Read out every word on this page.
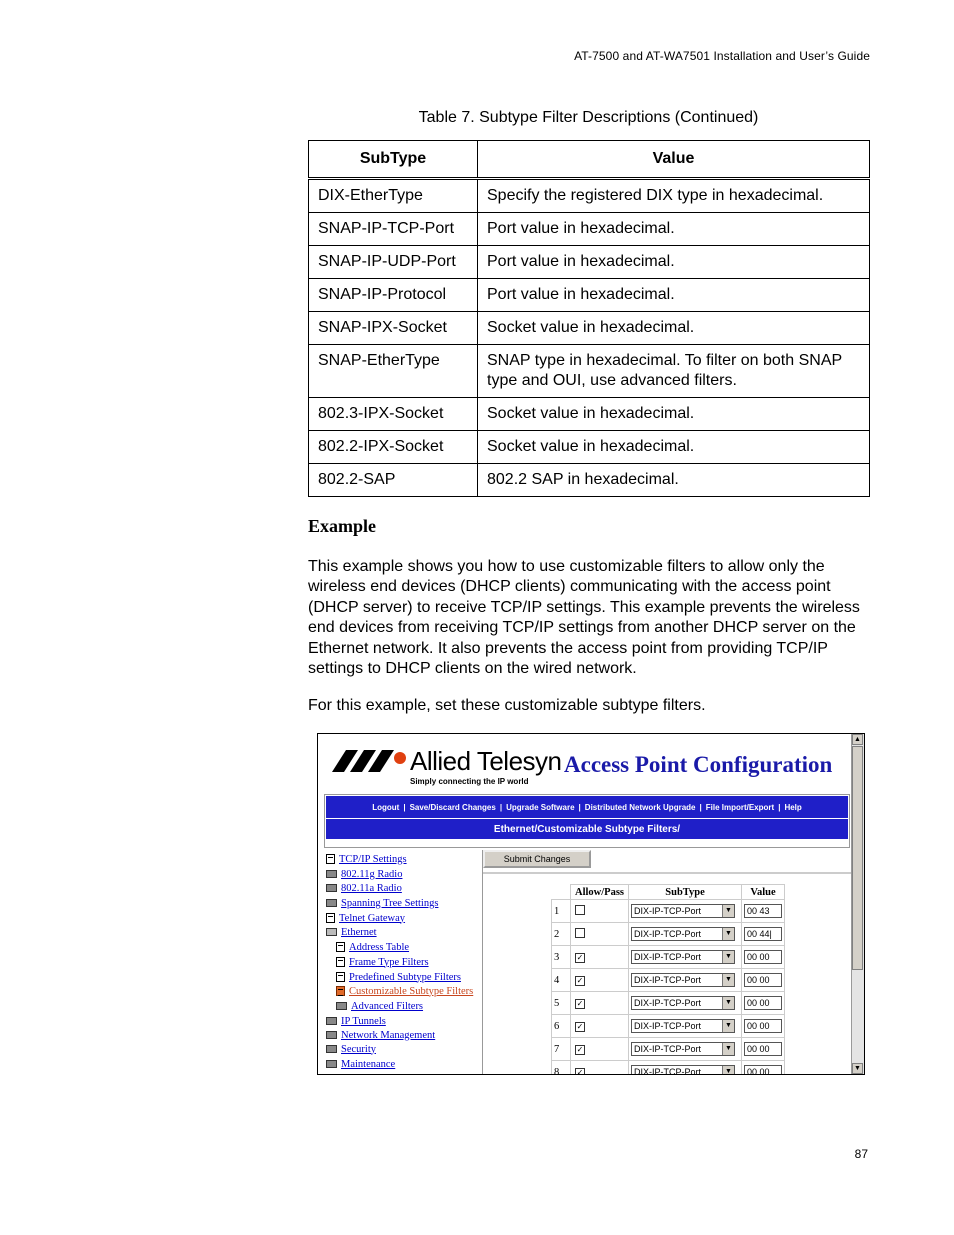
AT-7500 and AT-WA7501 Installation and User’s Guide
Table 7. Subtype Filter Descriptions (Continued)
SubType	Value
DIX-EtherType	Specify the registered DIX type in hexadecimal.
SNAP-IP-TCP-Port	Port value in hexadecimal.
SNAP-IP-UDP-Port	Port value in hexadecimal.
SNAP-IP-Protocol	Port value in hexadecimal.
SNAP-IPX-Socket	Socket value in hexadecimal.
SNAP-EtherType	SNAP type in hexadecimal. To filter on both SNAP type and OUI, use advanced filters.
802.3-IPX-Socket	Socket value in hexadecimal.
802.2-IPX-Socket	Socket value in hexadecimal.
802.2-SAP	802.2 SAP in hexadecimal.
Example

This example shows you how to use customizable filters to allow only the wireless end devices (DHCP clients) communicating with the access point (DHCP server) to receive TCP/IP settings. This example prevents the wireless end devices from receiving TCP/IP settings from another DHCP server on the Ethernet network. It also prevents the access point from providing TCP/IP settings to DHCP clients on the wired network.

For this example, set these customizable subtype filters.

Allied Telesyn
Simply connecting the IP world
Access Point Configuration
Logout | Save/Discard Changes | Upgrade Software | Distributed Network Upgrade | File Import/Export | Help
Ethernet/Customizable Subtype Filters/
TCP/IP Settings
802.11g Radio
802.11a Radio
Spanning Tree Settings
Telnet Gateway
Ethernet
Address Table
Frame Type Filters
Predefined Subtype Filters
Customizable Subtype Filters
Advanced Filters
IP Tunnels
Network Management
Security
Maintenance
Submit Changes
	Allow/Pass	SubType	Value
1		DIX-IP-TCP-Port ▼	00 43

2		DIX-IP-TCP-Port ▼	00 44|

3	✓	DIX-IP-TCP-Port ▼	00 00

4	✓	DIX-IP-TCP-Port ▼	00 00

5	✓	DIX-IP-TCP-Port ▼	00 00

6	✓	DIX-IP-TCP-Port ▼	00 00

7	✓	DIX-IP-TCP-Port ▼	00 00

8	✓	DIX-IP-TCP-Port ▼	00 00
▲
▼
87
